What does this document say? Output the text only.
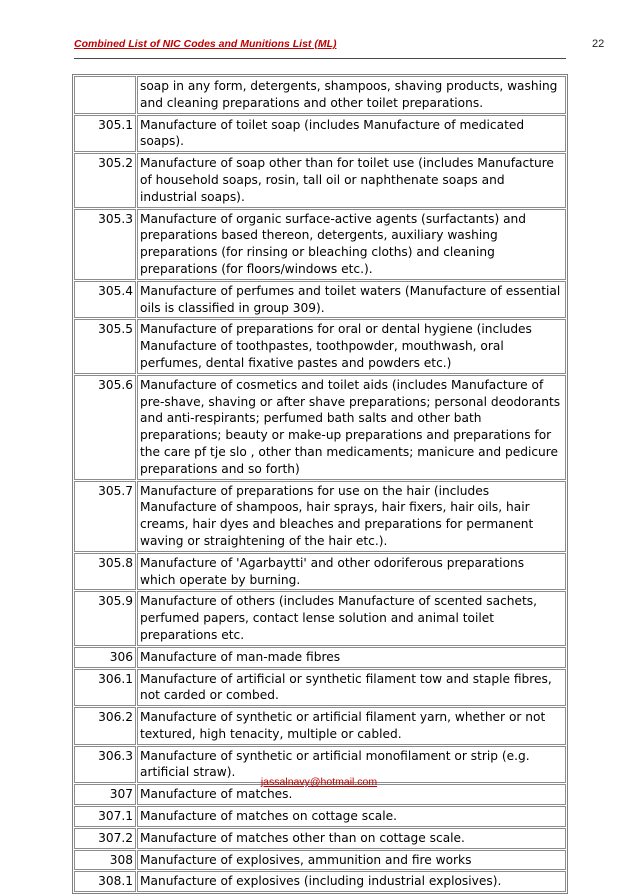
Combined List of NIC Codes and Munitions List (ML)	22
	soap in any form, detergents, shampoos, shaving products, washing and cleaning preparations and other toilet preparations.
305.1	Manufacture of toilet soap (includes Manufacture of medicated soaps).
305.2	Manufacture of soap other than for toilet use (includes Manufacture of household soaps, rosin, tall oil or naphthenate soaps and industrial soaps).
305.3	Manufacture of organic surface-active agents (surfactants) and preparations based thereon, detergents, auxiliary washing preparations (for rinsing or bleaching cloths) and cleaning preparations (for floors/windows etc.).
305.4	Manufacture of perfumes and toilet waters (Manufacture of essential oils is classified in group 309).
305.5	Manufacture of preparations for oral or dental hygiene (includes Manufacture of toothpastes, toothpowder, mouthwash, oral perfumes, dental fixative pastes and powders etc.)
305.6	Manufacture of cosmetics and toilet aids (includes Manufacture of pre-shave, shaving or after shave preparations; personal deodorants and anti-respirants; perfumed bath salts and other bath preparations; beauty or make-up preparations and preparations for the care pf tje slo , other than medicaments; manicure and pedicure preparations and so forth)
305.7	Manufacture of preparations for use on the hair (includes Manufacture of shampoos, hair sprays, hair fixers, hair oils, hair creams, hair dyes and bleaches and preparations for permanent waving or straightening of the hair etc.).
305.8	Manufacture of 'Agarbaytti' and other odoriferous preparations which operate by burning.
305.9	Manufacture of others (includes Manufacture of scented sachets, perfumed papers, contact lense solution and animal toilet preparations etc.
306	Manufacture of man-made fibres
306.1	Manufacture of artificial or synthetic filament tow and staple fibres, not carded or combed.
306.2	Manufacture of synthetic or artificial filament yarn, whether or not textured, high tenacity, multiple or cabled.
306.3	Manufacture of synthetic or artificial monofilament or strip (e.g. artificial straw).
307	Manufacture of matches.
307.1	Manufacture of matches on cottage scale.
307.2	Manufacture of matches other than on cottage scale.
308	Manufacture of explosives, ammunition and fire works
308.1	Manufacture of explosives (including industrial explosives).
jassalnavy@hotmail.com
